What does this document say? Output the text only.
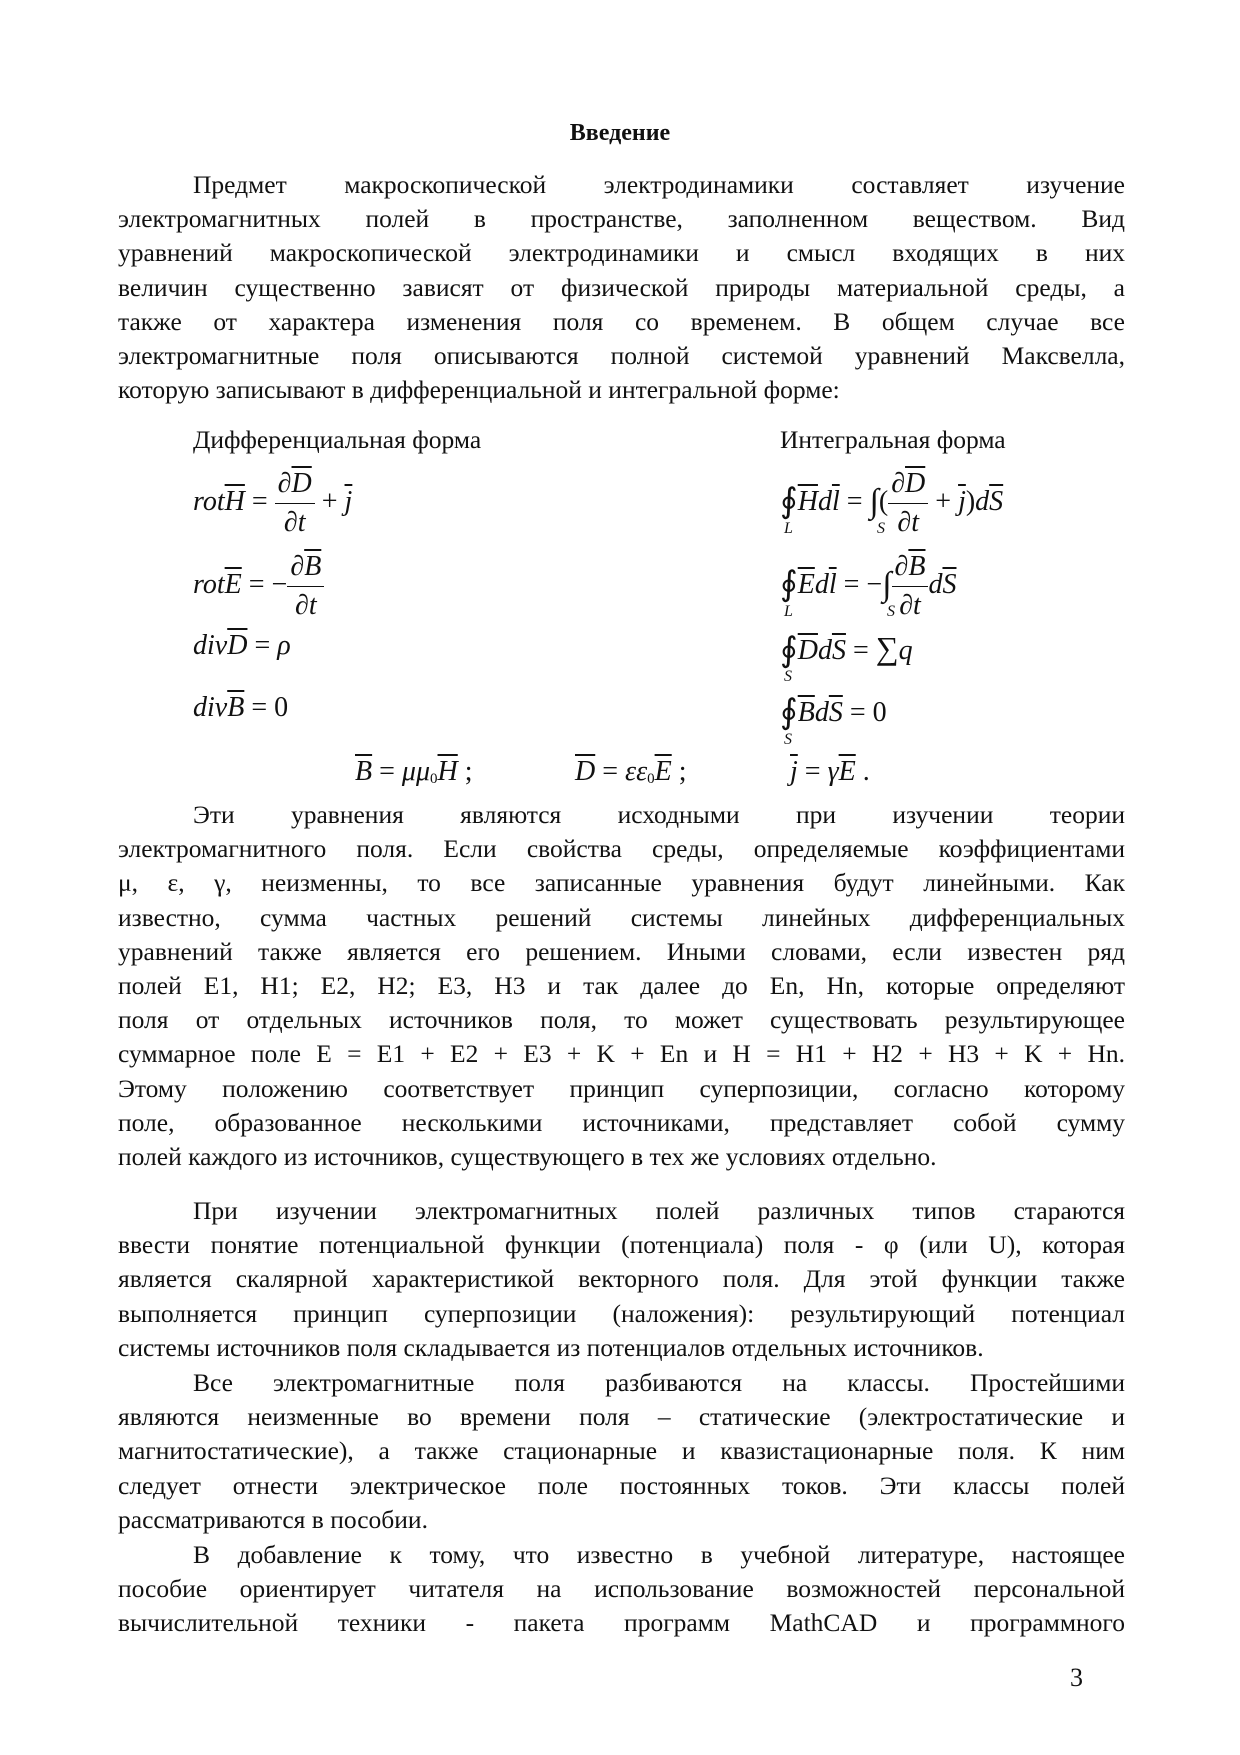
Введение
Предмет макроскопической электродинамики составляет изучение
электромагнитных полей в пространстве, заполненном веществом. Вид
уравнений макроскопической электродинамики и смысл входящих в них
величин существенно зависят от физической природы материальной среды, а
также от характера изменения поля со временем. В общем случае все
электромагнитные поля описываются полной системой уравнений Максвелла,
которую записывают в дифференциальной и интегральной форме:
Дифференциальная форма	Интегральная форма
$rot\overline{H} = \frac{\partial\overline{D}}{\partial t} + \overline{j}$
$rot\overline{E}$ = − $\frac{\partial\overline{B}}{\partial t}$
$div\overline{D} = \rho$
$div\overline{B} = 0$
$∮\overline{H}d\overline{l}$ = ∫( $\frac{\partial\overline{D}}{\partial t} + \overline{j})d\overline{S}$
L	S
$∮\overline{E}d\overline{l}$ = −∫ $\frac{\partial\overline{B}}{\partial t} d\overline{S}$
L	S
$∮\overline{D}d\overline{S} = \sum q$
S
$∮\overline{B}d\overline{S} = 0$
S
$\overline{B} = \mu\mu_0\overline{H}$ ;	$\overline{D} = \varepsilon\varepsilon_0\overline{E}$ ;	$\overline{j} = \gamma\overline{E}$ .
Эти уравнения являются исходными при изучении теории
электромагнитного поля. Если свойства среды, определяемые коэффициентами
μ, ε, γ, неизменны, то все записанные уравнения будут линейными. Как
известно, сумма частных решений системы линейных дифференциальных
уравнений также является его решением. Иными словами, если известен ряд
полей E1, H1; E2, H2; E3, H3 и так далее до En, Hn, которые определяют
поля от отдельных источников поля, то может существовать результирующее
суммарное поле E = E1 + E2 + E3 + K + En и H = H1 + H2 + H3 + K + Hn.
Этому положению соответствует принцип суперпозиции, согласно которому
поле, образованное несколькими источниками, представляет собой сумму
полей каждого из источников, существующего в тех же условиях отдельно.
При изучении электромагнитных полей различных типов стараются
ввести понятие потенциальной функции (потенциала) поля - φ (или U), которая
является скалярной характеристикой векторного поля. Для этой функции также
выполняется принцип суперпозиции (наложения): результирующий потенциал
системы источников поля складывается из потенциалов отдельных источников.
Все электромагнитные поля разбиваются на классы. Простейшими
являются неизменные во времени поля – статические (электростатические и
магнитостатические), а также стационарные и квазистационарные поля. К ним
следует отнести электрическое поле постоянных токов. Эти классы полей
рассматриваются в пособии.
В добавление к тому, что известно в учебной литературе, настоящее
пособие ориентирует читателя на использование возможностей персональной
вычислительной техники - пакета программ MathCAD и программного
3
